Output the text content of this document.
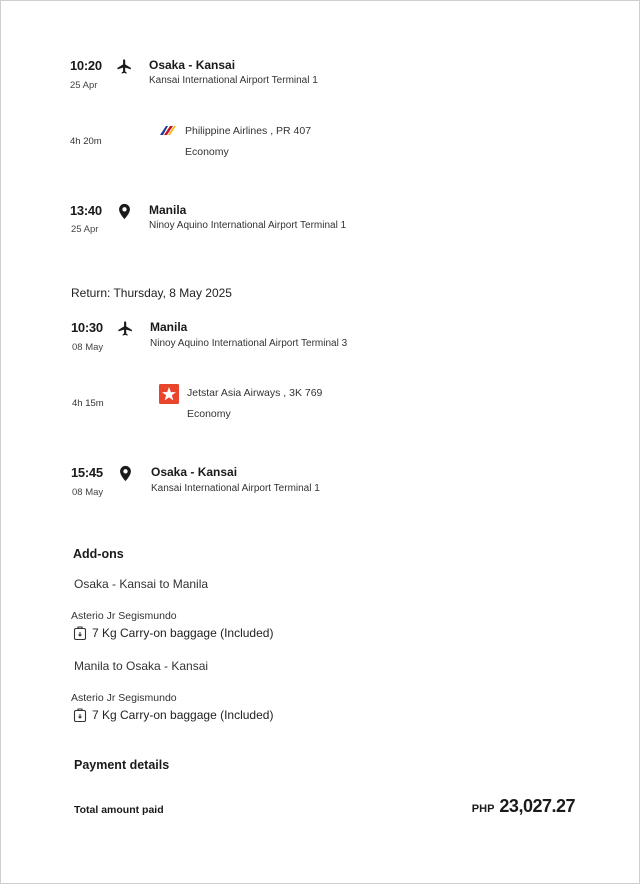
10:20
25 Apr
Osaka - Kansai
Kansai International Airport Terminal 1
4h 20m
Philippine Airlines , PR 407
Economy
13:40
25 Apr
Manila
Ninoy Aquino International Airport Terminal 1
Return: Thursday, 8 May 2025
10:30
08 May
Manila
Ninoy Aquino International Airport Terminal 3
4h 15m
Jetstar Asia Airways , 3K 769
Economy
15:45
08 May
Osaka - Kansai
Kansai International Airport Terminal 1
Add-ons
Osaka - Kansai to Manila
Asterio Jr Segismundo
7 Kg Carry-on baggage (Included)
Manila to Osaka - Kansai
Asterio Jr Segismundo
7 Kg Carry-on baggage (Included)
Payment details
Total amount paid	PHP 23,027.27
